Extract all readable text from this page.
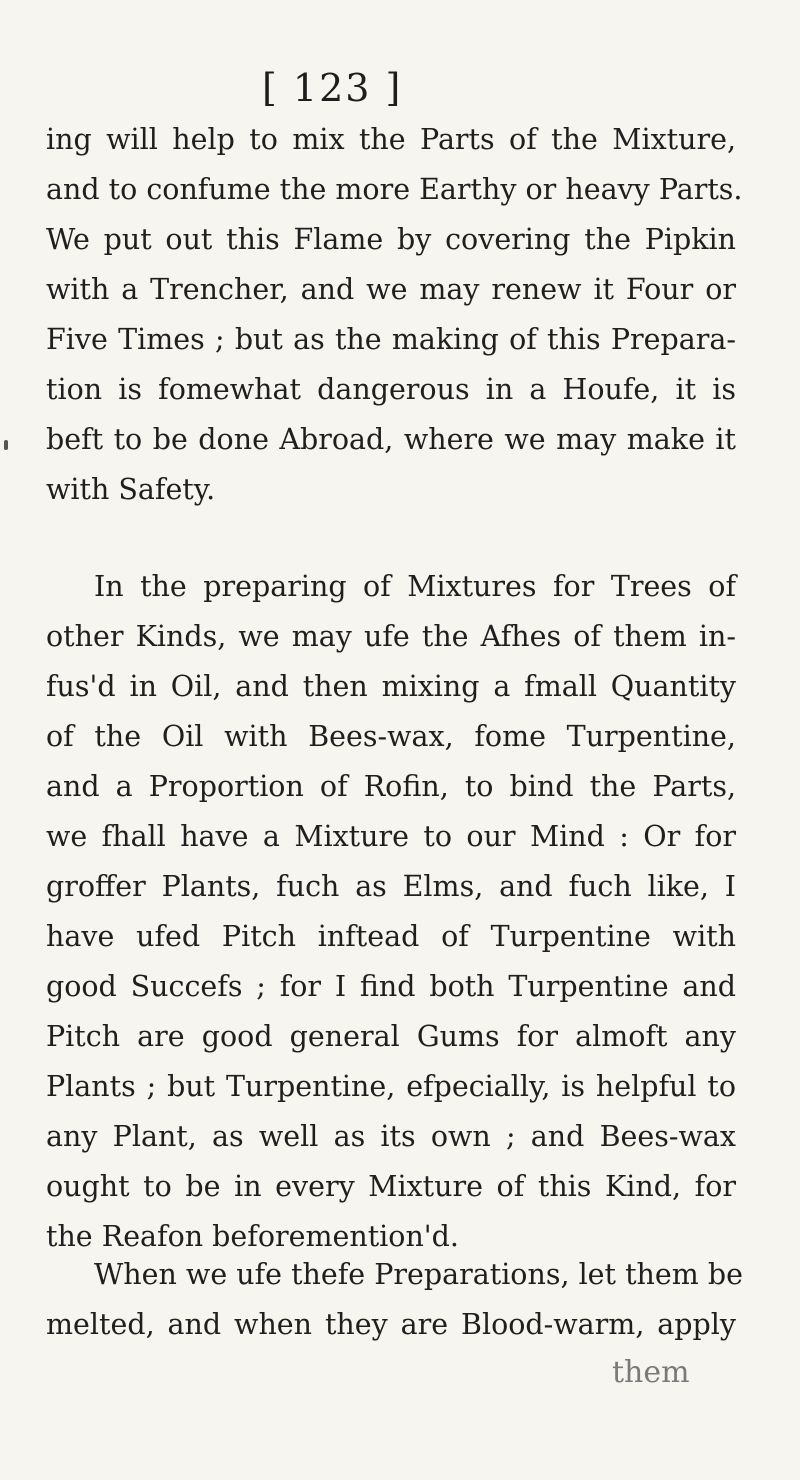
[ 123 ]
ing will help to mix the Parts of the Mixture,
and to confume the more Earthy or heavy Parts.
We put out this Flame by covering the Pipkin
with a Trencher, and we may renew it Four or
Five Times ; but as the making of this Prepara-
tion is fomewhat dangerous in a Houfe, it is
beft to be done Abroad, where we may make it
with Safety.
In the preparing of Mixtures for Trees of
other Kinds, we may ufe the Afhes of them in-
fus'd in Oil, and then mixing a fmall Quantity
of the Oil with Bees-wax, fome Turpentine,
and a Proportion of Rofin, to bind the Parts,
we fhall have a Mixture to our Mind : Or for
groffer Plants, fuch as Elms, and fuch like, I
have ufed Pitch inftead of Turpentine with
good Succefs ; for I find both Turpentine and
Pitch are good general Gums for almoft any
Plants ; but Turpentine, efpecially, is helpful to
any Plant, as well as its own ; and Bees-wax
ought to be in every Mixture of this Kind, for
the Reafon beforemention'd.
When we ufe thefe Preparations, let them be
melted, and when they are Blood-warm, apply
them
